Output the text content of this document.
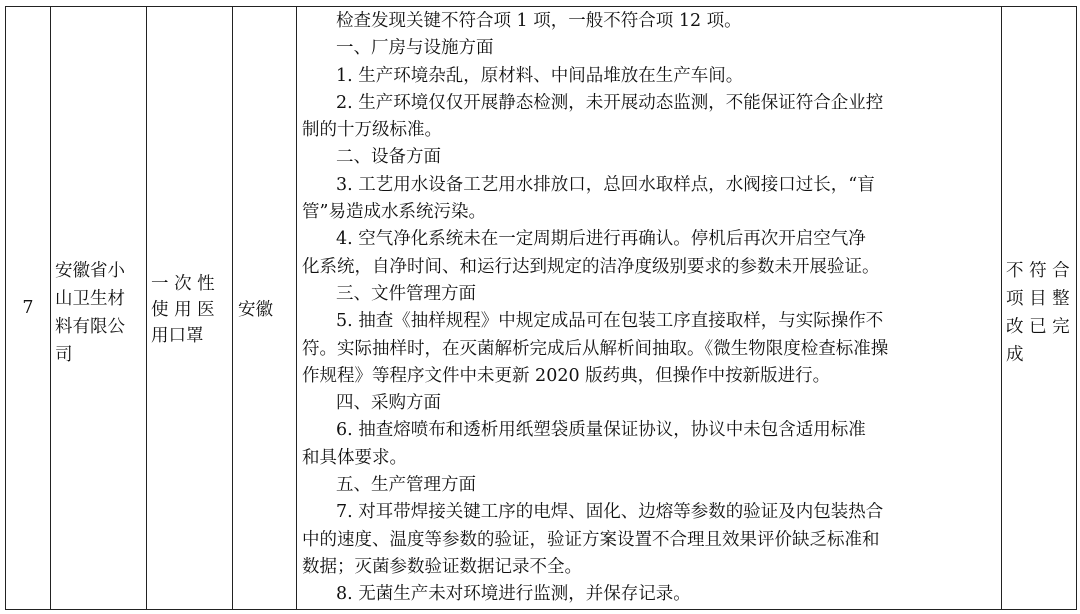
7
安徽省小
山卫生材
料有限公
司
一 次 性
使 用 医
用口罩
安徽
检查发现关键不符合项 1 项，一般不符合项 12 项。
一、厂房与设施方面
1. 生产环境杂乱，原材料、中间品堆放在生产车间。
2. 生产环境仅仅开展静态检测，未开展动态监测，不能保证符合企业控
制的十万级标准。
二、设备方面
3. 工艺用水设备工艺用水排放口，总回水取样点，水阀接口过长，“盲
管”易造成水系统污染。
4. 空气净化系统未在一定周期后进行再确认。停机后再次开启空气净
化系统，自净时间、和运行达到规定的洁净度级别要求的参数未开展验证。
三、文件管理方面
5. 抽查《抽样规程》中规定成品可在包装工序直接取样，与实际操作不
符。实际抽样时，在灭菌解析完成后从解析间抽取。《微生物限度检查标准操
作规程》等程序文件中未更新 2020 版药典，但操作中按新版进行。
四、采购方面
6. 抽查熔喷布和透析用纸塑袋质量保证协议，协议中未包含适用标准
和具体要求。
五、生产管理方面
7. 对耳带焊接关键工序的电焊、固化、边熔等参数的验证及内包装热合
中的速度、温度等参数的验证，验证方案设置不合理且效果评价缺乏标准和
数据；灭菌参数验证数据记录不全。
8. 无菌生产未对环境进行监测，并保存记录。
不 符 合
项 目 整
改 已 完
成
